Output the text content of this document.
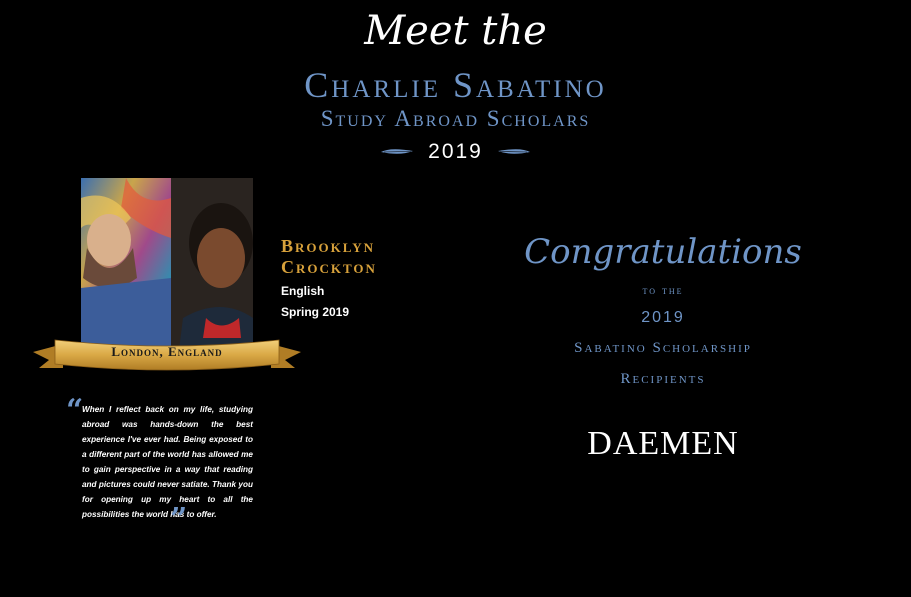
Meet the
Charlie Sabatino
Study Abroad Scholars
2019
London, England
Brooklyn
Crockton
English
Spring 2019
“
When I reflect back on my life, studying abroad was hands-down the best experience I've ever had. Being exposed to a different part of the world has allowed me to gain perspective in a way that reading and pictures could never satiate. Thank you for opening up my heart to all the possibilities the world has to offer.
”
Congratulations
to the
2019
Sabatino Scholarship
Recipients
DAEMEN
